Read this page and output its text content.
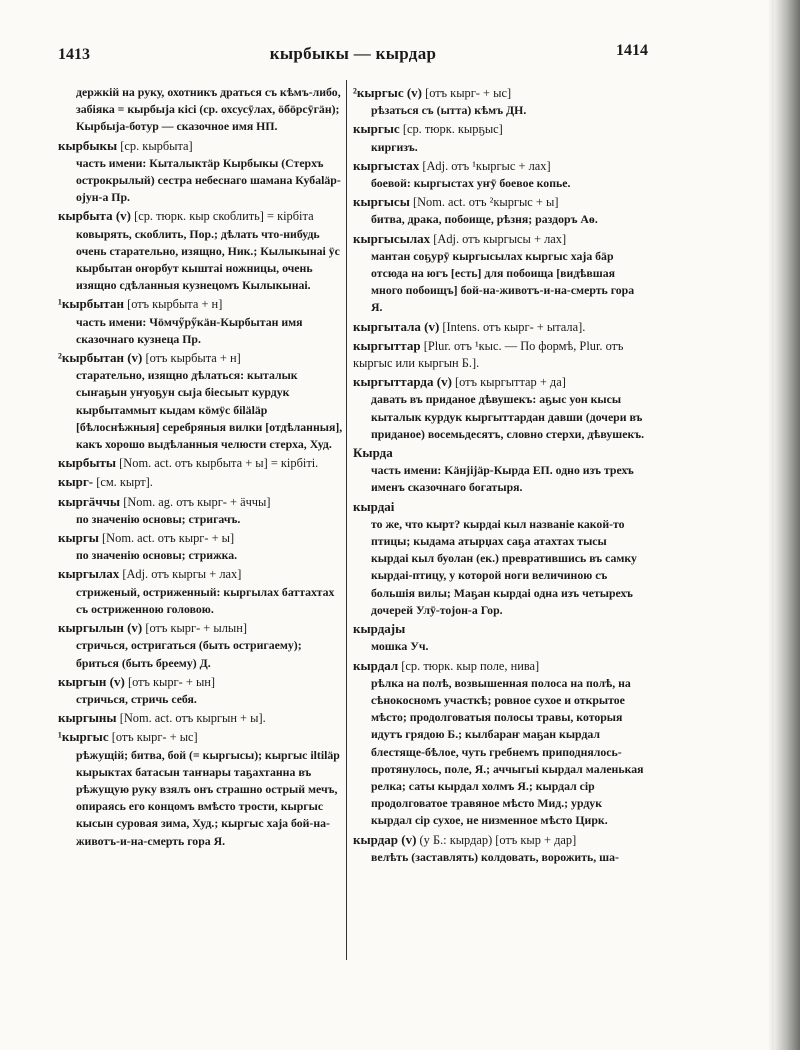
1413	кырбыкы — кырдар	1414
держкій на руку, охотникъ драться съ кѣмъ-либо, забіяка = кырбыја кісі (ср. охсусӯлах, ӧбӧрсӯгäн); Кырбыја-ботур — сказочное имя НП.
кырбыкы [ср. кырбыта]
часть имени: Кыталыктäр Кырбыкы (Стерхъ острокрылый) сестра небеснаго шамана Кубаläр-ојун-а Пр.
кырбыта (v) [ср. тюрк. кыр скоблить] = кірбіта
ковырять, скоблить, Пор.; дѣлать что-нибудь очень старательно, изящно, Ник.; Кылыкынаі ӱс кырбытан оҥорбут кыштаі ножницы, очень изящно сдѣланныя кузнецомъ Кылыкынаі.
¹кырбытан [отъ кырбыта + н]
часть имени: Чӧмчӳрӳкäн-Кырбытан имя сказочнаго кузнеца Пр.
²кырбытан (v) [отъ кырбыта + н]
старательно, изящно дѣлаться: кыталык сыҥаҕын уҥуоҕун сыја бiесыыт курдук кырбытаммыт кыдам кӧмӱс біläläр [бѣлоснѣжныя] серебряныя вилки [отдѣланныя], какъ хорошо выдѣланныя челюсти стерха, Худ.
кырбыты [Nom. act. отъ кырбыта + ы] = кірбіті.
кырг- [см. кырт].
кыргäччы [Nom. ag. отъ кырг- + äччы]
по значенію основы; стригачъ.
кыргы [Nom. act. отъ кырг- + ы]
по значенію основы; стрижка.
кыргылах [Adj. отъ кыргы + лах]
стриженый, остриженный: кыргылах баттахтах съ остриженною головою.
кыргылын (v) [отъ кырг- + ылын]
стричься, остригаться (быть остригаему); бриться (быть бреему) Д.
кыргын (v) [отъ кырг- + ын]
стричься, стричь себя.
кыргыны [Nom. act. отъ кыргын + ы].
¹кыргыс [отъ кырг- + ыс]
рѣжущій; битва, бой (= кыргысы); кыргыс іltіläр кырыктах батасын таҥнары таҕахтанна въ рѣжущую руку взялъ онъ страшно острый мечъ, опираясь его концомъ вмѣсто трости, кыргыс кысын суровая зима, Худ.; кыргыс хаја бой-на-животъ-и-на-смерть гора Я.
²кыргыс (v) [отъ кырг- + ыс]
рѣзаться съ (ытта) кѣмъ ДН.
кыргыс [ср. тюрк. кырҕыс]
киргизъ.
кыргыстах [Adj. отъ ¹кыргыс + лах]
боевой: кыргыстах уҥӯ боевое копье.
кыргысы [Nom. act. отъ ²кыргыс + ы]
битва, драка, побоище, рѣзня; раздоръ Аѳ.
кыргысылах [Adj. отъ кыргысы + лах]
мантан соҕурӯ кыргысылах кыргыс хаја бäр отсюда на югъ [есть] для побоища [видѣвшая много побоищъ] бой-на-животъ-и-на-смерть гора Я.
кыргытала (v) [Intens. отъ кырг- + ытала].
кыргыттар [Plur. отъ ¹кыс. — По формѣ, Plur. отъ кыргыс или кыргын Б.].
кыргыттарда (v) [отъ кыргыттар + да]
давать въ приданое дѣвушекъ: аҕыс уон кысы кыталык курдук кыргыттардан давши (дочери въ приданое) восемьдесятъ, словно стерхи, дѣвушекъ.
Кырда
часть имени: Käнјijäр-Кырда ЕП. одно изъ трехъ именъ сказочнаго богатыря.
кырдаі
то же, что кырт? кырдаі кыл названіе какой-то птицы; кыдама атырџах саҕа атахтах тысы кырдаі кыл буолан (ек.) превратившись въ самку кырдаі-птицу, у которой ноги величиною съ большія вилы; Маҕан кырдаі одна изъ четырехъ дочерей Улӯ-тојон-а Гор.
кырдаjы
мошка Уч.
кырдал [ср. тюрк. кыр поле, нива]
рѣлка на полѣ, возвышенная полоса на полѣ, на сѣнокосномъ участкѣ; ровное сухое и открытое мѣсто; продолговатыя полосы травы, которыя идутъ грядою Б.; кылбараҥ маҕан кырдал блестяще-бѣлое, чуть гребнемъ приподнялось-протянулось, поле, Я.; аччыгыі кырдал маленькая релка; саты кырдал холмъ Я.; кырдал сір продолговатое травяное мѣсто Мид.; урдук кырдал сір сухое, не низменное мѣсто Цирк.
кырдар (v) (у Б.: кырдар) [отъ кыр + дар]
велѣть (заставлять) колдовать, ворожить, ша-
